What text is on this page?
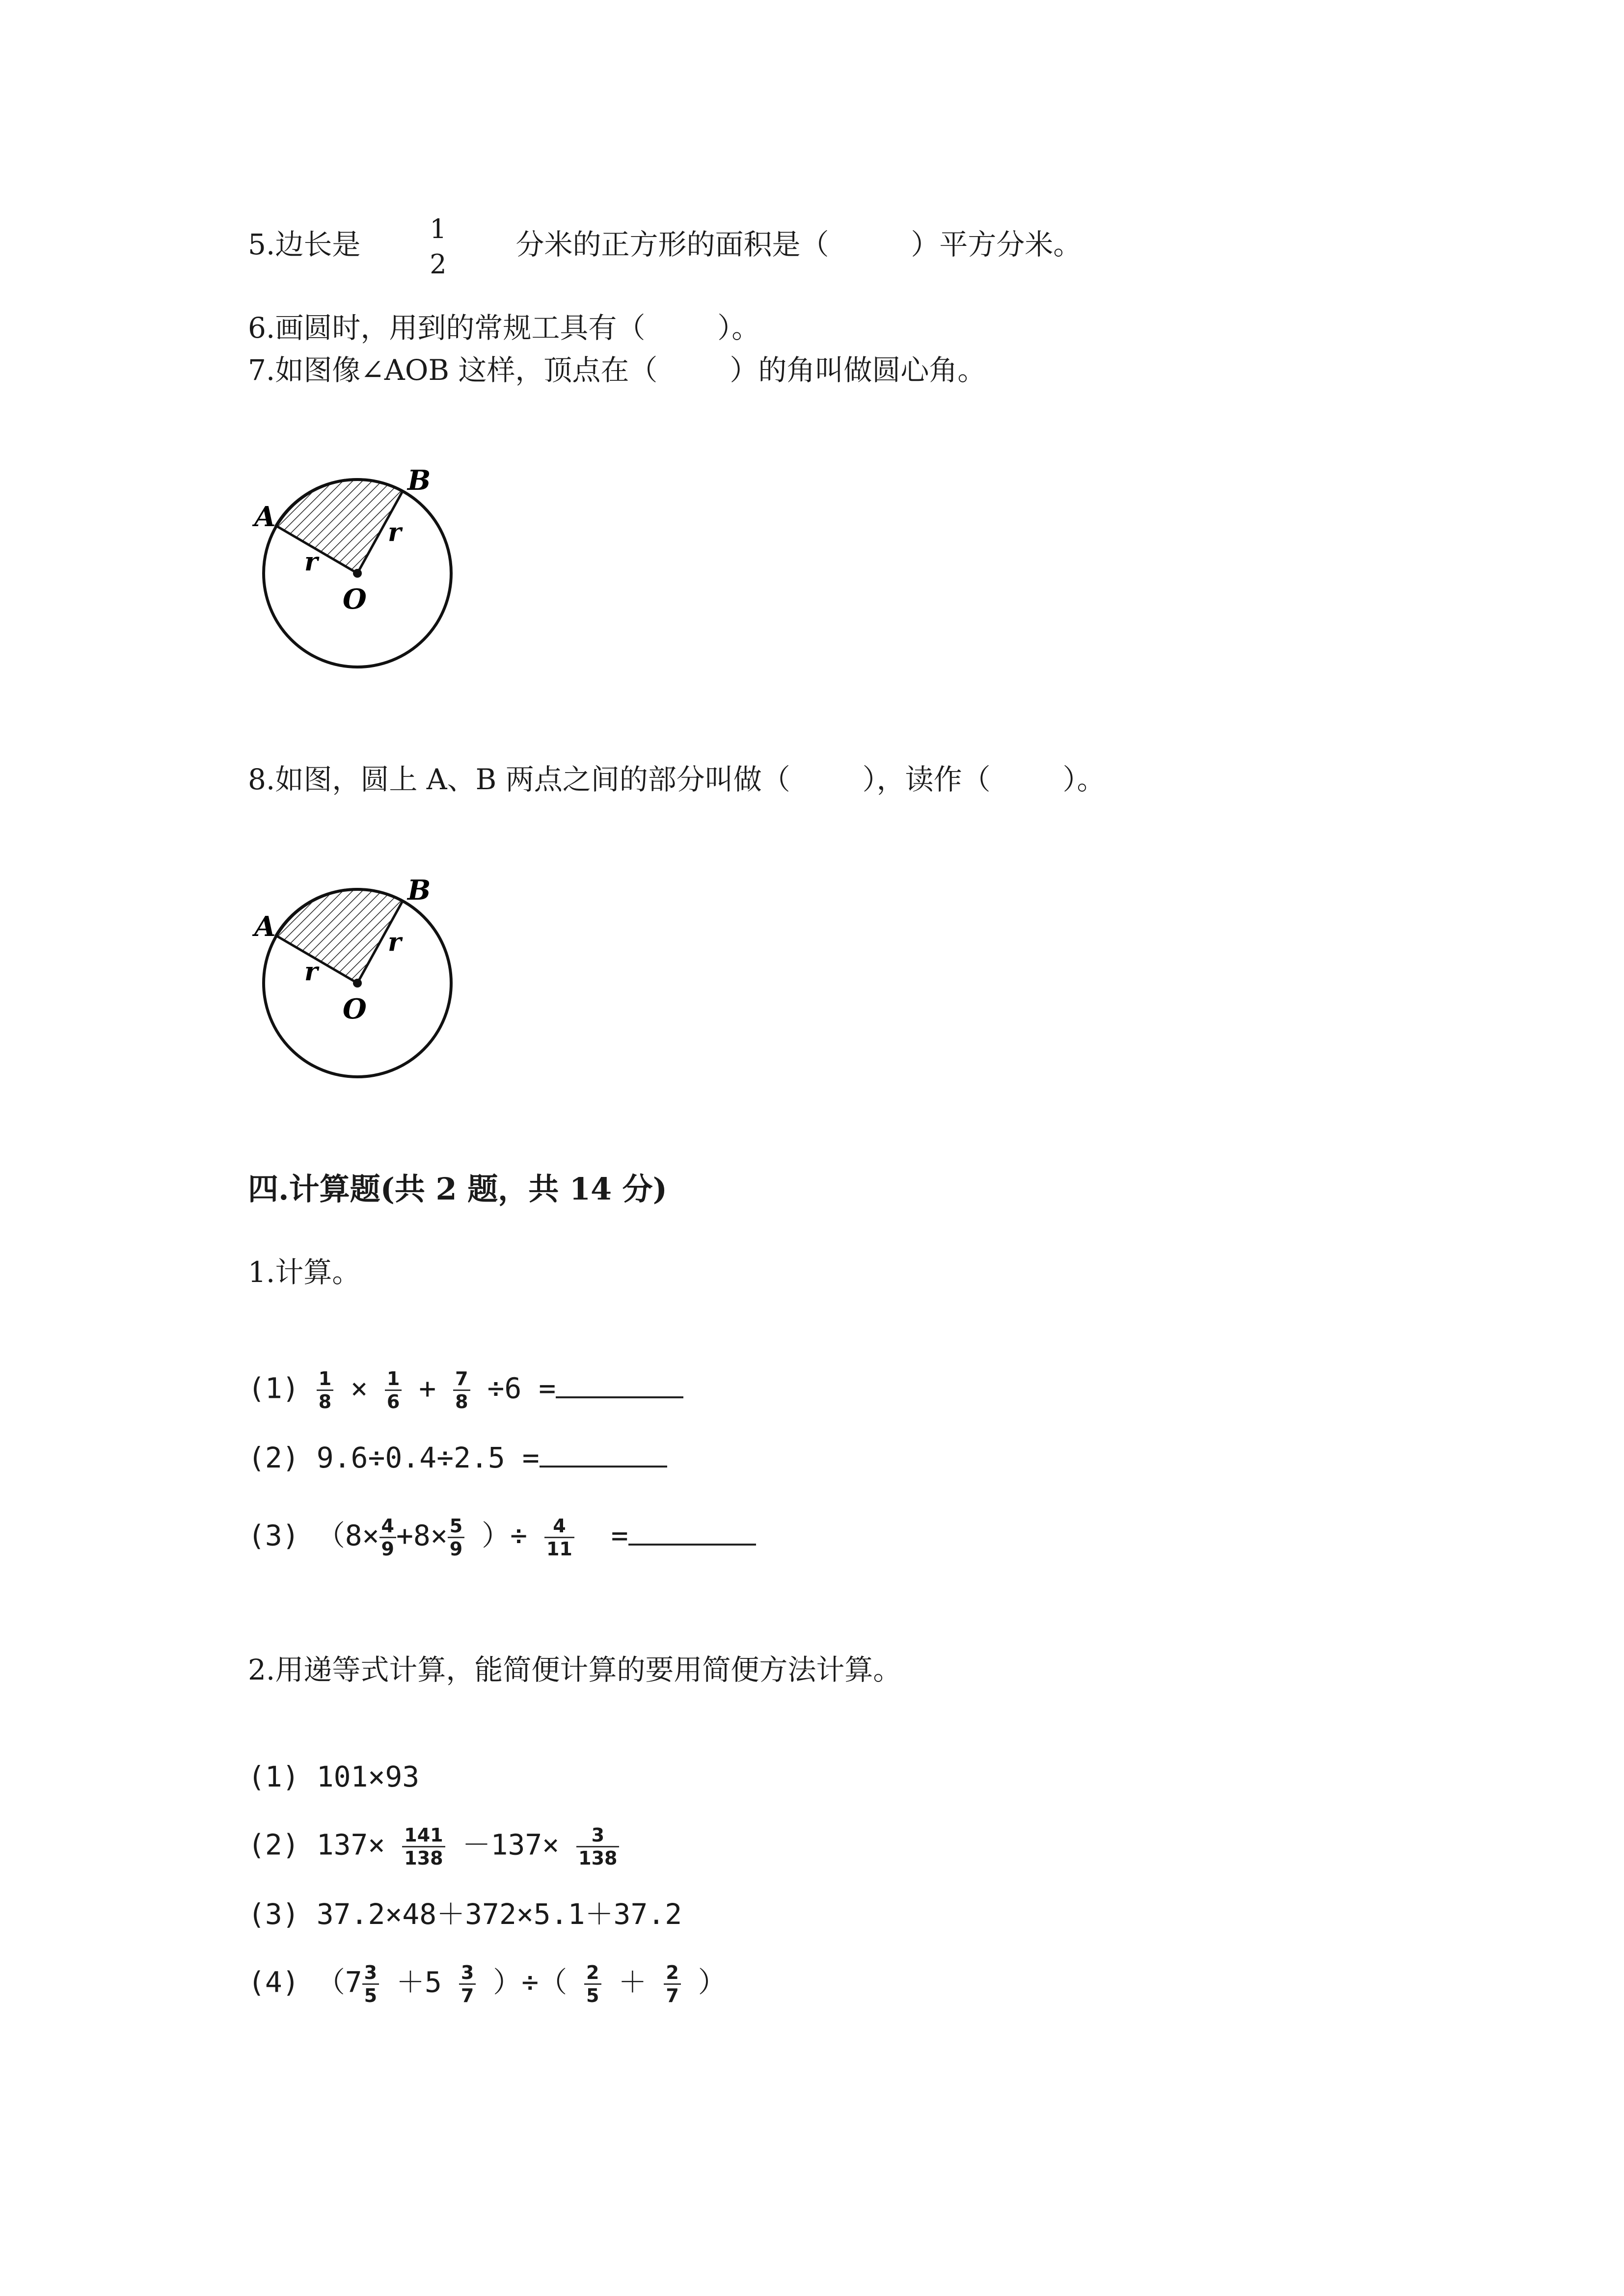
5.边长是	1
2
分米的正方形的面积是（	）平方分米。
6.画圆时，用到的常规工具有（	）。
7.如图像∠AOB 这样，顶点在（	）的角叫做圆心角。
A
B
O
r
r
8.如图，圆上 A、B 两点之间的部分叫做（	），读作（	）。
A
B
O
r
r
四.计算题(共 2 题，共 14 分)
1.计算。
$(1) \frac{1}{8} \times \frac{1}{6} + \frac{7}{8} \div 6$ =
(2) 9.6÷0.4÷2.5 =
(3) （$8\times \frac{4}{9} +8\times \frac{5}{9}$ ）÷ $\frac{4}{11}$ =
2.用递等式计算，能简便计算的要用简便方法计算。
(1) 101×93
(2) $137\times \frac{141}{138} -137\times \frac{3}{138}$
(3) 37.2×48＋372×5.1＋37.2
(4) （$7 \frac{3}{5} +5 \frac{3}{7}$ ）÷（ $\frac{2}{5} + \frac{2}{7}$ ）
